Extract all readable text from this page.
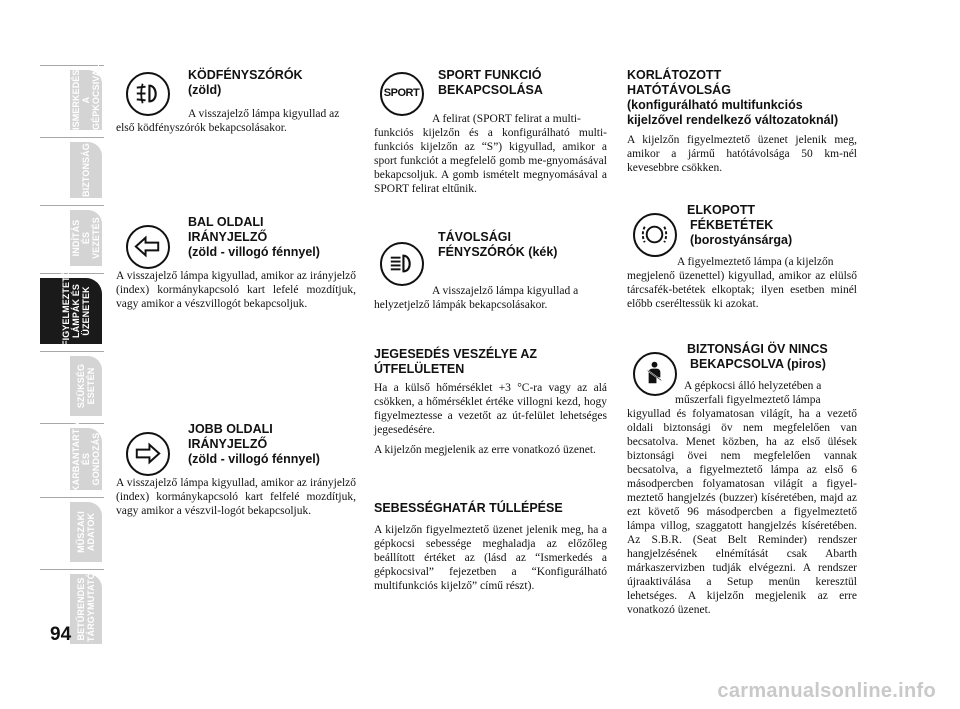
ISMERKEDÉS A GÉPKOCSIVAL
BIZTONSÁG
INDÍTÁS ÉS VEZETÉS
FIGYELMEZTETŐ LÁMPÁK ÉS ÜZENETEK
SZÜKSÉG ESETÉN
KARBANTARTÁS ÉS GONDOZÁS
MŰSZAKI ADATOK
BETŰRENDES TÁRGYMUTATÓ
94

KÖDFÉNYSZÓRÓK

(zöld)

A visszajelző lámpa kigyullad az

első ködfényszórók bekapcsolásakor.

BAL OLDALI

IRÁNYJELZŐ

(zöld - villogó fénnyel)

A visszajelző lámpa kigyullad, amikor az irányjelző (index) kormánykapcsoló kart lefelé mozdítjuk, vagy amikor a vészvillogót bekapcsoljuk.

JOBB OLDALI

IRÁNYJELZŐ

(zöld - villogó fénnyel)

A visszajelző lámpa kigyullad, amikor az irányjelző (index) kormánykapcsoló kart felfelé mozdítjuk, vagy amikor a vészvil-logót bekapcsoljuk.

SPORT

SPORT FUNKCIÓ

BEKAPCSOLÁSA

A felirat (SPORT felirat a multi-

funkciós kijelzőn és a konfigurálható multi-funkciós kijelzőn az “S”) kigyullad, amikor a sport funkciót a megfelelő gomb me-gnyomásával bekapcsoljuk. A gomb ismételt megnyomásával a SPORT felirat eltűnik.

TÁVOLSÁGI

FÉNYSZÓRÓK (kék)

A visszajelző lámpa kigyullad a

helyzetjelző lámpák bekapcsolásakor.

JEGESEDÉS VESZÉLYE AZ

ÚTFELÜLETEN

Ha a külső hőmérséklet +3 °C-ra vagy az alá csökken, a hőmérséklet értéke villogni kezd, hogy figyelmeztesse a vezetőt az út-felület lehetséges jegesedésére.

A kijelzőn megjelenik az erre vonatkozó üzenet.

SEBESSÉGHATÁR TÚLLÉPÉSE

A kijelzőn figyelmeztető üzenet jelenik meg, ha a gépkocsi sebessége meghaladja az előzőleg beállított értéket az (lásd az “Ismerkedés a gépkocsival” fejezetben a “Konfigurálható multifunkciós kijelző” című részt).

KORLÁTOZOTT

HATÓTÁVOLSÁG

(konfigurálható multifunkciós

kijelzővel rendelkező változatoknál)

A kijelzőn figyelmeztető üzenet jelenik meg, amikor a jármű hatótávolsága 50 km-nél kevesebbre csökken.

ELKOPOTT

FÉKBETÉTEK

(borostyánsárga)

A figyelmeztető lámpa (a kijelzőn

megjelenő üzenettel) kigyullad, amikor az elülső tárcsafék-betétek elkoptak; ilyen esetben minél előbb cseréltessük ki azokat.

BIZTONSÁGI ÖV NINCS

BEKAPCSOLVA (piros)

A gépkocsi álló helyzetében a

műszerfali figyelmeztető lámpa

kigyullad és folyamatosan világít, ha a vezető oldali biztonsági öv nem megfelelően van becsatolva. Menet közben, ha az első ülések biztonsági övei nem megfelelően vannak becsatolva, a figyelmeztető lámpa az első 6 másodpercben folyamatosan világít a figyel-meztető hangjelzés (buzzer) kíséretében, majd az ezt követő 96 másodpercben a figyelmeztető lámpa villog, szaggatott hangjelzés kíséretében. Az S.B.R. (Seat Belt Reminder) rendszer hangjelzésének elnémítását csak Abarth márkaszervizben tudják elvégezni. A rendszer újraaktiválása a Setup menün keresztül lehetséges. A kijelzőn megjelenik az erre vonatkozó üzenet.

carmanualsonline.info
